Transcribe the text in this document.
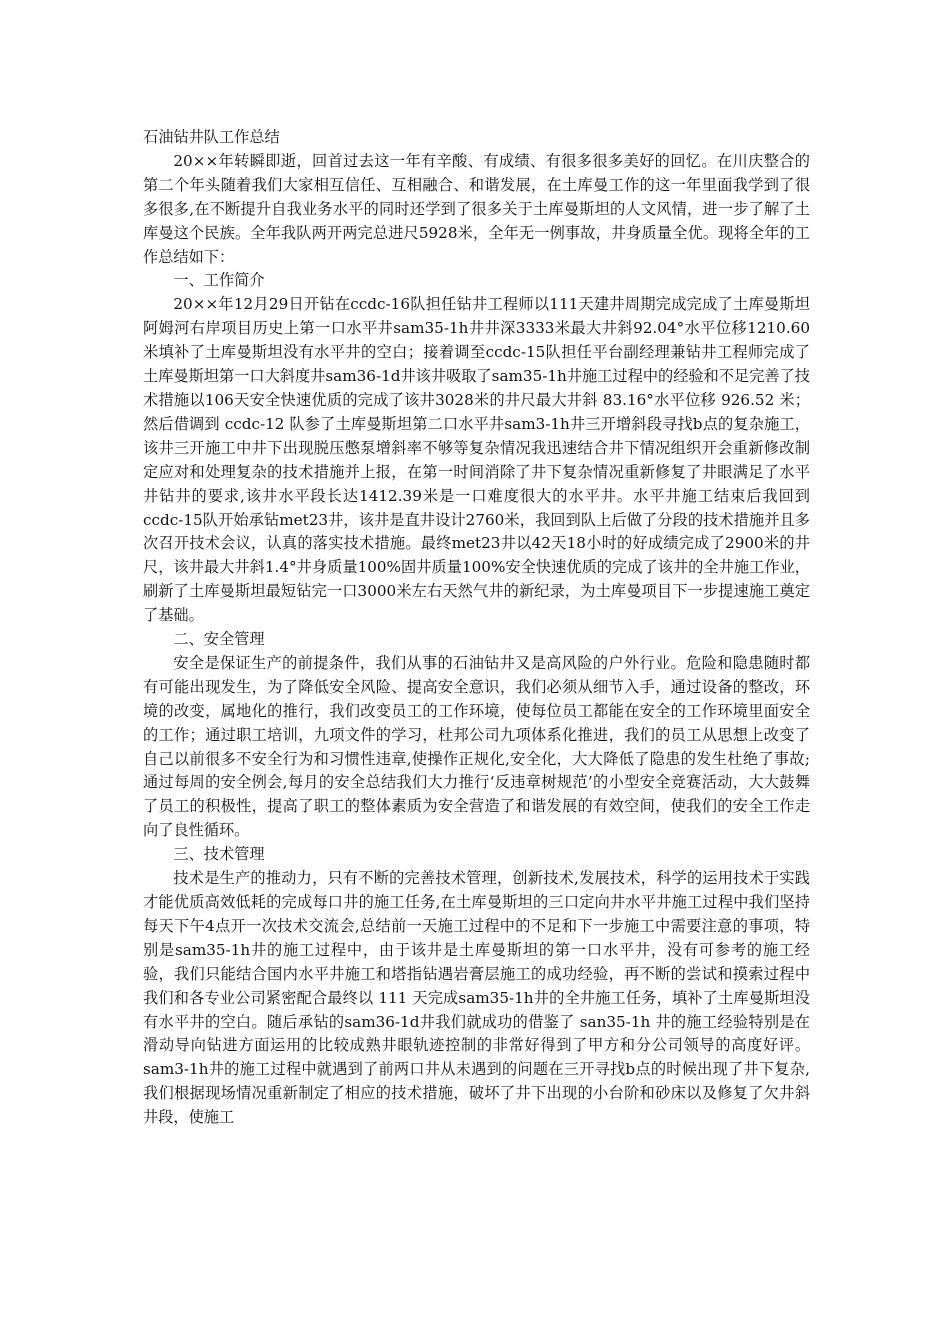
石油钻井队工作总结

20××年转瞬即逝，回首过去这一年有辛酸、有成绩、有很多很多美好的回忆。在川庆整合的第二个年头随着我们大家相互信任、互相融合、和谐发展，在土库曼工作的这一年里面我学到了很多很多,在不断提升自我业务水平的同时还学到了很多关于土库曼斯坦的人文风情，进一步了解了土库曼这个民族。全年我队两开两完总进尺5928米，全年无一例事故，井身质量全优。现将全年的工作总结如下：

一、工作简介

20××年12月29日开钻在ccdc-16队担任钻井工程师以111天建井周期完成完成了土库曼斯坦阿姆河右岸项目历史上第一口水平井sam35-1h井井深3333米最大井斜92.04°水平位移1210.60米填补了土库曼斯坦没有水平井的空白；接着调至ccdc-15队担任平台副经理兼钻井工程师完成了土库曼斯坦第一口大斜度井sam36-1d井该井吸取了sam35-1h井施工过程中的经验和不足完善了技术措施以106天安全快速优质的完成了该井3028米的井尺最大井斜 83.16°水平位移 926.52 米；然后借调到 ccdc-12 队参了土库曼斯坦第二口水平井sam3-1h井三开增斜段寻找b点的复杂施工，该井三开施工中井下出现脱压憋泵增斜率不够等复杂情况我迅速结合井下情况组织开会重新修改制定应对和处理复杂的技术措施并上报，在第一时间消除了井下复杂情况重新修复了井眼满足了水平井钻井的要求,该井水平段长达1412.39米是一口难度很大的水平井。水平井施工结束后我回到ccdc-15队开始承钻met23井，该井是直井设计2760米，我回到队上后做了分段的技术措施并且多次召开技术会议，认真的落实技术措施。最终met23井以42天18小时的好成绩完成了2900米的井尺，该井最大井斜1.4°井身质量100%固井质量100%安全快速优质的完成了该井的全井施工作业，刷新了土库曼斯坦最短钻完一口3000米左右天然气井的新纪录，为土库曼项目下一步提速施工奠定了基础。

二、安全管理

安全是保证生产的前提条件，我们从事的石油钻井又是高风险的户外行业。危险和隐患随时都有可能出现发生，为了降低安全风险、提高安全意识，我们必须从细节入手，通过设备的整改，环境的改变，属地化的推行，我们改变员工的工作环境，使每位员工都能在安全的工作环境里面安全的工作；通过职工培训，九项文件的学习，杜邦公司九项体系化推进，我们的员工从思想上改变了自己以前很多不安全行为和习惯性违章,使操作正规化,安全化，大大降低了隐患的发生杜绝了事故;通过每周的安全例会,每月的安全总结我们大力推行‘反违章树规范’的小型安全竞赛活动，大大鼓舞了员工的积极性，提高了职工的整体素质为安全营造了和谐发展的有效空间，使我们的安全工作走向了良性循环。

三、技术管理

技术是生产的推动力，只有不断的完善技术管理，创新技术,发展技术，科学的运用技术于实践才能优质高效低耗的完成每口井的施工任务,在土库曼斯坦的三口定向井水平井施工过程中我们坚持每天下午4点开一次技术交流会,总结前一天施工过程中的不足和下一步施工中需要注意的事项，特别是sam35-1h井的施工过程中，由于该井是土库曼斯坦的第一口水平井，没有可参考的施工经验，我们只能结合国内水平井施工和塔指钻遇岩膏层施工的成功经验，再不断的尝试和摸索过程中我们和各专业公司紧密配合最终以 111 天完成sam35-1h井的全井施工任务，填补了土库曼斯坦没有水平井的空白。随后承钻的sam36-1d井我们就成功的借鉴了 san35-1h 井的施工经验特别是在滑动导向钻进方面运用的比较成熟井眼轨迹控制的非常好得到了甲方和分公司领导的高度好评。sam3-1h井的施工过程中就遇到了前两口井从未遇到的问题在三开寻找b点的时候出现了井下复杂,我们根据现场情况重新制定了相应的技术措施，破坏了井下出现的小台阶和砂床以及修复了欠井斜井段，使施工
